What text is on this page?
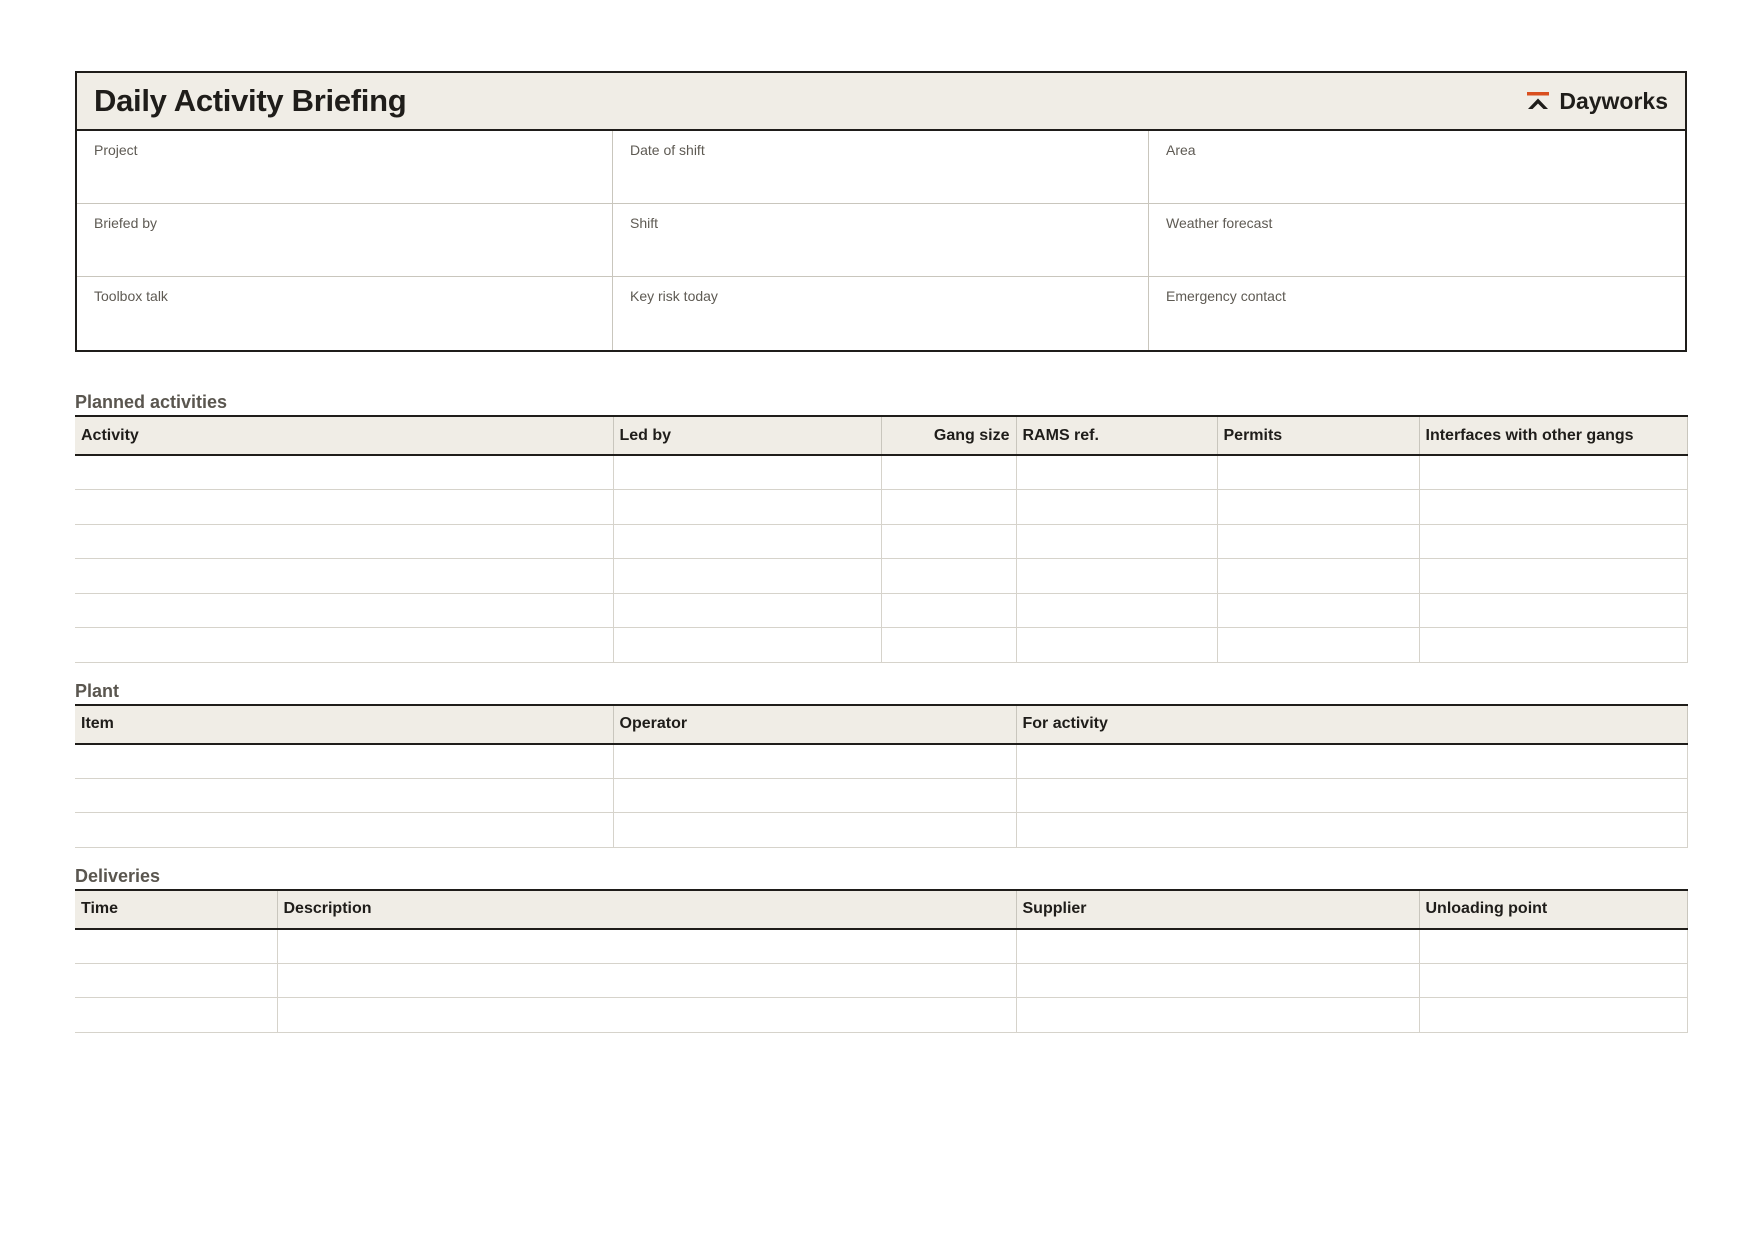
Daily Activity Briefing	Dayworks
Project	Date of shift	Area
Briefed by	Shift	Weather forecast
Toolbox talk	Key risk today	Emergency contact
Planned activities
Activity	Led by	Gang size	RAMS ref.	Permits	Interfaces with other gangs

Plant
Item	Operator	For activity

Deliveries
Time	Description	Supplier	Unloading point
